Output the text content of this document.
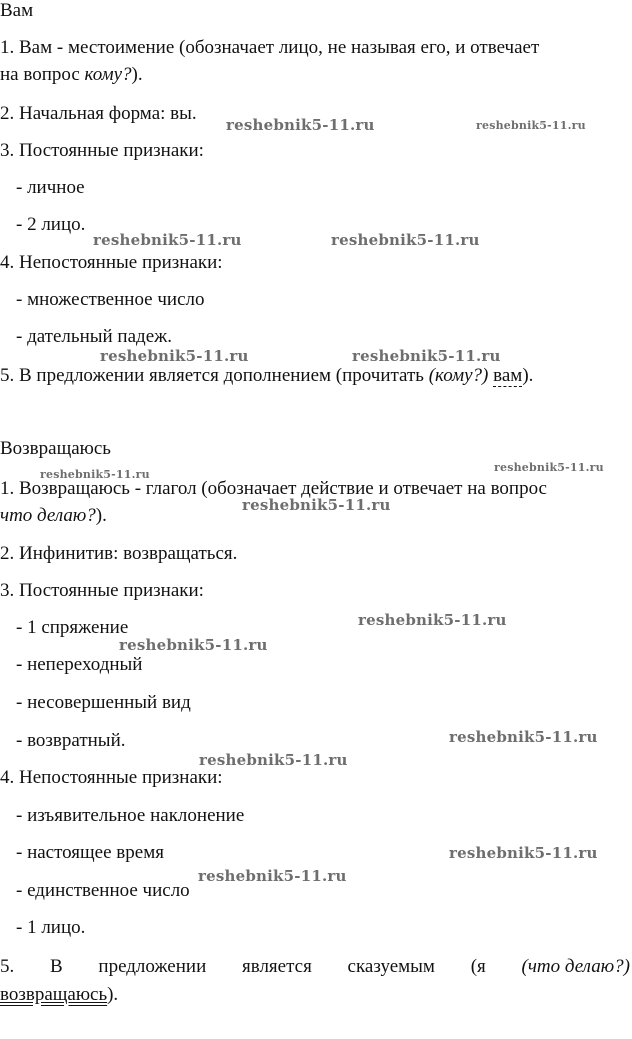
Вам
1. Вам - местоимение (обозначает лицо, не называя его, и отвечает
на вопрос кому?).
2. Начальная форма: вы.
3. Постоянные признаки:
- личное
- 2 лицо.
4. Непостоянные признаки:
- множественное число
- дательный падеж.
5. В предложении является дополнением (прочитать (кому?) вам).
Возвращаюсь
1. Возвращаюсь - глагол (обозначает действие и отвечает на вопрос
что делаю?).
2. Инфинитив: возвращаться.
3. Постоянные признаки:
- 1 спряжение
- непереходный
- несовершенный вид
- возвратный.
4. Непостоянные признаки:
- изъявительное наклонение
- настоящее время
- единственное число
- 1 лицо.
5. В предложении является сказуемым (я (что делаю?)
возвращаюсь).
reshebnik5-11.ru	reshebnik5-11.ru
reshebnik5-11.ru	reshebnik5-11.ru
reshebnik5-11.ru	reshebnik5-11.ru
reshebnik5-11.ru
reshebnik5-11.ru
reshebnik5-11.ru
reshebnik5-11.ru
reshebnik5-11.ru
reshebnik5-11.ru
reshebnik5-11.ru
reshebnik5-11.ru
reshebnik5-11.ru
